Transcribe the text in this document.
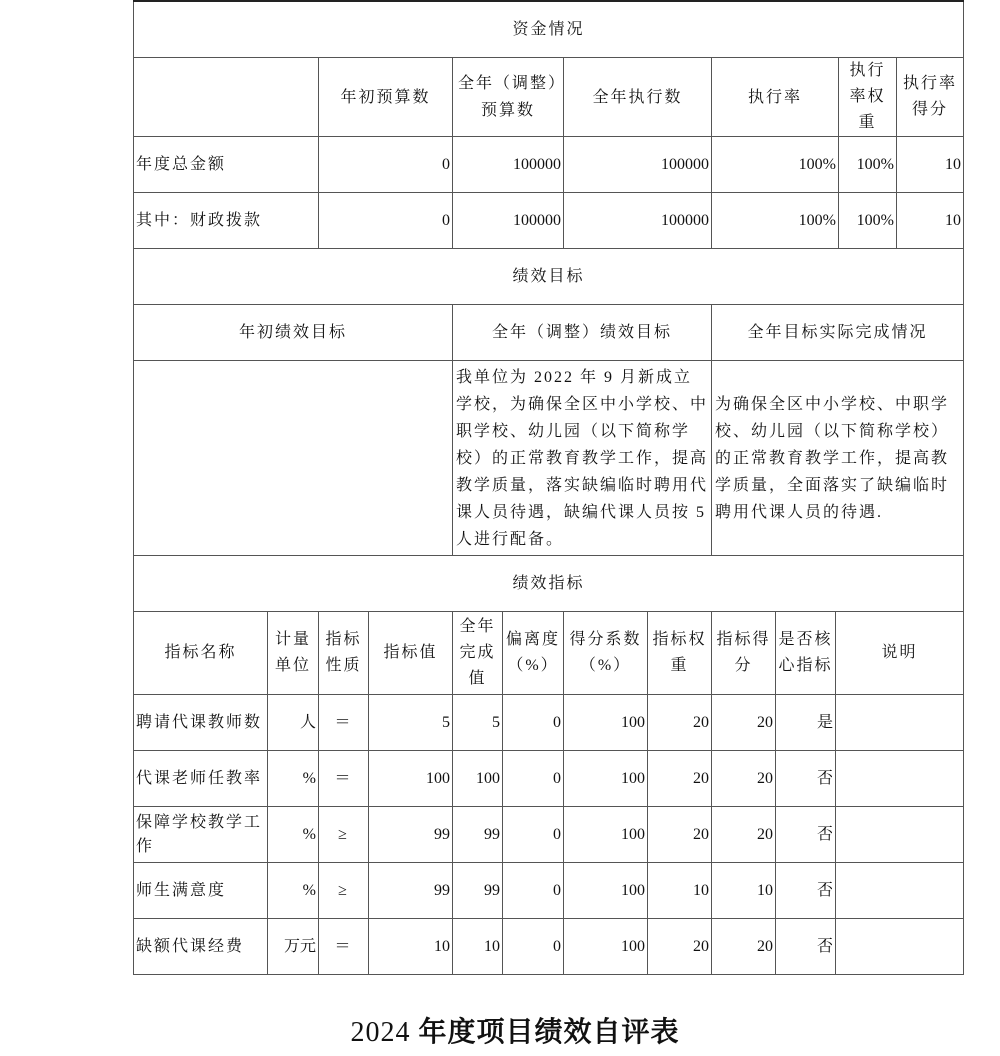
资金情况						
	年初预算数	全年（调整）预算数	全年执行数	执行率	执行率权重	执行率得分
年度总金额	0	100000	100000	100%	100%	10
其中：财政拨款	0	100000	100000	100%	100%	10
绩效目标		
年初绩效目标	全年（调整）绩效目标	全年目标实际完成情况
	我单位为 2022 年 9 月新成立学校，为确保全区中小学校、中职学校、幼儿园（以下简称学校）的正常教育教学工作，提高教学质量，落实缺编临时聘用代课人员待遇，缺编代课人员按 5 人进行配备。	为确保全区中小学校、中职学校、幼儿园（以下简称学校）的正常教育教学工作，提高教学质量，全面落实了缺编临时聘用代课人员的待遇.
绩效指标										
指标名称	计量单位	指标性质	指标值	全年完成值	偏离度（%）	得分系数（%）	指标权重	指标得分	是否核心指标	说明
聘请代课教师数	人	＝	5	5	0	100	20	20	是	
代课老师任教率	%	＝	100	100	0	100	20	20	否	
保障学校教学工作	%	≥	99	99	0	100	20	20	否	
师生满意度	%	≥	99	99	0	100	10	10	否	
缺额代课经费	万元	＝	10	10	0	100	20	20	否	
2024 年度项目绩效自评表
